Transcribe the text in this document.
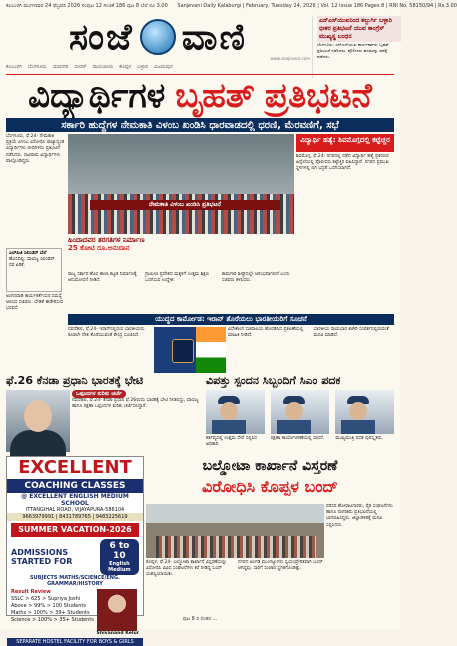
ಕಲಬುರಗಿ ಮಂಗಳವಾರ 24 ಫೆಬ್ರವರಿ 2026 ಸಂಪುಟ 12 ಸಂಚಿಕೆ 186 ಪುಟ 8 ಬೆಲೆ ರೂ 3.00 Sanjevani Daily Kalaburgi | February, Tuesday 24, 2026 | Vol. 12 Issue 186 Pages 8 | RNI No. 58150/94 | Rs.3.00
ಸಂಜೆ ವಾಣಿ	ಎನ್‌ಎಸ್‌ಯುಐನಿಂದ ಕಲ್ಬುರ್ಗಿ ಬಳ್ಳಾರಿ ಭೀಕರ ಪ್ರತಿಭಟನೆ ಯುವ ಕಾಂಗ್ರೆಸ್ ಮುಖ್ಯಸ್ಥ ಬಂಧನ
ಬೆಂಗಳೂರು: ಎನ್‌ಎಸ್‌ಯುಐ ಕಾರ್ಯಕರ್ತರು ಬೃಹತ್ ಪ್ರತಿಭಟನೆ ನಡೆಸಿದರು. ಪೊಲೀಸರು ಹಲವರನ್ನು ವಶಕ್ಕೆ ಪಡೆದರು.
ಕಲಬುರಗಿ ಬೆಂಗಳೂರು ಯಾದಗಿರಿ ಬೀದರ್ ರಾಯಚೂರು ಕೊಪ್ಪಳ ಬಳ್ಳಾರಿ ವಿಜಯಪುರ
www.sanjevani.com
ವಿದ್ಯಾರ್ಥಿಗಳ ಬೃಹತ್ ಪ್ರತಿಭಟನೆ
ಸರ್ಕಾರಿ ಹುದ್ದೆಗಳ ನೇಮಕಾತಿ ವಿಳಂಬ ಖಂಡಿಸಿ ಧಾರವಾಡದಲ್ಲಿ ಧರಣಿ, ಮೆರವಣಿಗೆ, ಸಭೆ
ಬೆಂಗಳೂರು, ಫೆ.24- ನೇಮಕಾತಿ ಪ್ರಕ್ರಿಯೆ ವಿಳಂಬ ವಿರೋಧಿಸಿ ರಾಜ್ಯಾದ್ಯಂತ ವಿದ್ಯಾರ್ಥಿಗಳು ಬೀದಿಗಿಳಿದು ಪ್ರತಿಭಟನೆ ನಡೆಸಿದರು. ಸಾವಿರಾರು ವಿದ್ಯಾರ್ಥಿಗಳು ಪಾಲ್ಗೊಂಡಿದ್ದರು.
ನೇಮಕಾತಿ ವಿಳಂಬ ಖಂಡಿಸಿ ಪ್ರತಿಭಟನೆ
ವಿದ್ಯಾರ್ಥಿ ಹತ್ಯೆ: ಶಿವಮೊಗ್ಗದಲ್ಲಿ ಕಟ್ಟೆಚ್ಚರ
ಶಿವಮೊಗ್ಗ, ಫೆ.24- ನಗರದಲ್ಲಿ ನಡೆದ ವಿದ್ಯಾರ್ಥಿ ಹತ್ಯೆ ಪ್ರಕರಣದ ಹಿನ್ನೆಲೆಯಲ್ಲಿ ಪೊಲೀಸರು ಕಟ್ಟೆಚ್ಚರ ವಹಿಸಿದ್ದಾರೆ. ನಗರದ ಪ್ರಮುಖ ಸ್ಥಳಗಳಲ್ಲಿ ಬಿಗಿ ಭದ್ರತೆ ಒದಗಿಸಲಾಗಿದೆ.
ಹಿಂದಾದವರ ತರಗತಿಗಳ ನಿರ್ಮಾಣ
25 ಕೋಟಿ ರೂ.ಅನುದಾನ
ಎಲ್‌ಪಿಜಿ ಸಿಲಿಂಡರ್ ಬೆಲೆ
ಹೊಸದಿಲ್ಲಿ: ವಾಣಿಜ್ಯ ಸಿಲಿಂಡರ್ ದರ ಏರಿಕೆ.
ಅಂಗನವಾಡಿ ಕಾರ್ಯಕರ್ತೆಯರ ಸಮಸ್ಯೆ ಆಲಿಸಿದ ಸಚಿವರು. ಬೇಡಿಕೆ ಈಡೇರಿಸುವ ಭರವಸೆ.
ರಾಜ್ಯ ಸರ್ಕಾರ ಹೊಸ ಶಾಲಾ ಕಟ್ಟಡ ನಿರ್ಮಾಣಕ್ಕೆ ಅನುಮೋದನೆ ನೀಡಿದೆ.
ಗ್ರಾಮೀಣ ಪ್ರದೇಶದ ಮಕ್ಕಳಿಗೆ ಉತ್ತಮ ಶಿಕ್ಷಣ ಒದಗಿಸುವ ಉದ್ದೇಶ.
ಕಾಮಗಾರಿ ಶೀಘ್ರದಲ್ಲೇ ಆರಂಭವಾಗಲಿದೆ ಎಂದು ಸಚಿವರು ತಿಳಿಸಿದರು.
ಯುದ್ಧದ ಕಾರ್ಮೋಡ: ಇರಾನ್ ತೊರೆಯಲು ಭಾರತೀಯರಿಗೆ ಸೂಚನೆ
ನವದೆಹಲಿ, ಫೆ.24- ಇರಾನ್‌ನಲ್ಲಿರುವ ಭಾರತೀಯರು ಕೂಡಲೇ ದೇಶ ತೊರೆಯುವಂತೆ ಕೇಂದ್ರ ಸೂಚಿಸಿದೆ.
ವಿದೇಶಾಂಗ ಸಚಿವಾಲಯ ಹೊರಡಿಸಿದ ಪ್ರಕಟಣೆಯಲ್ಲಿ ಮಾಹಿತಿ ನೀಡಿದೆ.
ಭಾರತೀಯ ರಾಯಭಾರ ಕಚೇರಿ ಸಂಪರ್ಕದಲ್ಲಿರುವಂತೆ ಮನವಿ ಮಾಡಿದೆ.
ಫೆ.26 ಕೆನಡಾ ಪ್ರಧಾನಿ ಭಾರತಕ್ಕೆ ಭೇಟಿ	ವಿಪತ್ತು ಸ್ಪಂದನ ಸಿಬ್ಬಂದಿಗೆ ಸಿಎಂ ಪದಕ
ಒಪ್ಪಂದಗಳ ಕುರಿತು ಚರ್ಚೆ
ನವದೆಹಲಿ, ಫೆ.24- ಕೆನಡಾ ಪ್ರಧಾನಿ ಫೆ.26ರಂದು ಭಾರತಕ್ಕೆ ಭೇಟಿ ನೀಡಲಿದ್ದು, ವಾಣಿಜ್ಯ ಹಾಗೂ ರಕ್ಷಣಾ ಒಪ್ಪಂದಗಳ ಕುರಿತು ಚರ್ಚಿಸಲಿದ್ದಾರೆ.
ಕರ್ತವ್ಯದಲ್ಲಿ ಉತ್ತಮ ಸೇವೆ ಸಲ್ಲಿಸಿದ ಅಧಿಕಾರಿ.
ರಕ್ಷಣಾ ಕಾರ್ಯಾಚರಣೆಯಲ್ಲಿ ಸಾಧನೆ.	ಮುಖ್ಯಮಂತ್ರಿ ಪದಕ ಪುರಸ್ಕೃತರು.
EXCELLENT
COACHING CLASSES
@ EXCELLENT ENGLISH MEDIUM SCHOOL
ITTANGIHAL ROAD, VIJAYAPURA-586104
9663979991 | 8431789765 | 9483225619
SUMMER VACATION-2026
ADMISSIONS STARTED FOR
6 to 10
English Medium
SUBJECTS MATHS/SCIENCE/ENG. GRAMMAR/HISTORY
Result Review
SSLC > 625 > Supriya Joshi
Above > 99% > 100 Students
Maths > 100% > 39+ Students
Science > 100% > 35+ Students
Shivanand Kelur
SEPARATE HOSTEL FACILITY FOR BOYS & GIRLS
ಬಲ್ಡೋಟಾ ಕಾರ್ಖಾನೆ ವಿಸ್ತರಣೆ
ವಿರೋಧಿಸಿ ಕೊಪ್ಪಳ ಬಂದ್
ಪರಿಸರ ಹೋರಾಟಗಾರರು, ರೈತ ಸಂಘಟನೆಗಳು ಹಾಗೂ ನಾಗರಿಕರು ಪ್ರತಿಭಟನೆಯಲ್ಲಿ ಭಾಗವಹಿಸಿದ್ದರು. ಜಿಲ್ಲಾಡಳಿತಕ್ಕೆ ಮನವಿ ಸಲ್ಲಿಸಿದರು.
ಕೊಪ್ಪಳ, ಫೆ.24- ಬಲ್ಡೋಟಾ ಕಾರ್ಖಾನೆ ವಿಸ್ತರಣೆಯನ್ನು ವಿರೋಧಿಸಿ ವಿವಿಧ ಸಂಘಟನೆಗಳು ಕರೆ ನೀಡಿದ್ದ ಬಂದ್ ಯಶಸ್ವಿಯಾಯಿತು.
ನಗರದ ಅಂಗಡಿ ಮುಂಗಟ್ಟುಗಳು ಸ್ವಯಂಪ್ರೇರಿತವಾಗಿ ಬಂದ್ ಆಗಿದ್ದವು. ಸಾರಿಗೆ ಸಂಚಾರ ಸ್ಥಗಿತಗೊಂಡಿತ್ತು.
ಪುಟ 8 ರ ನಂತರ ...
